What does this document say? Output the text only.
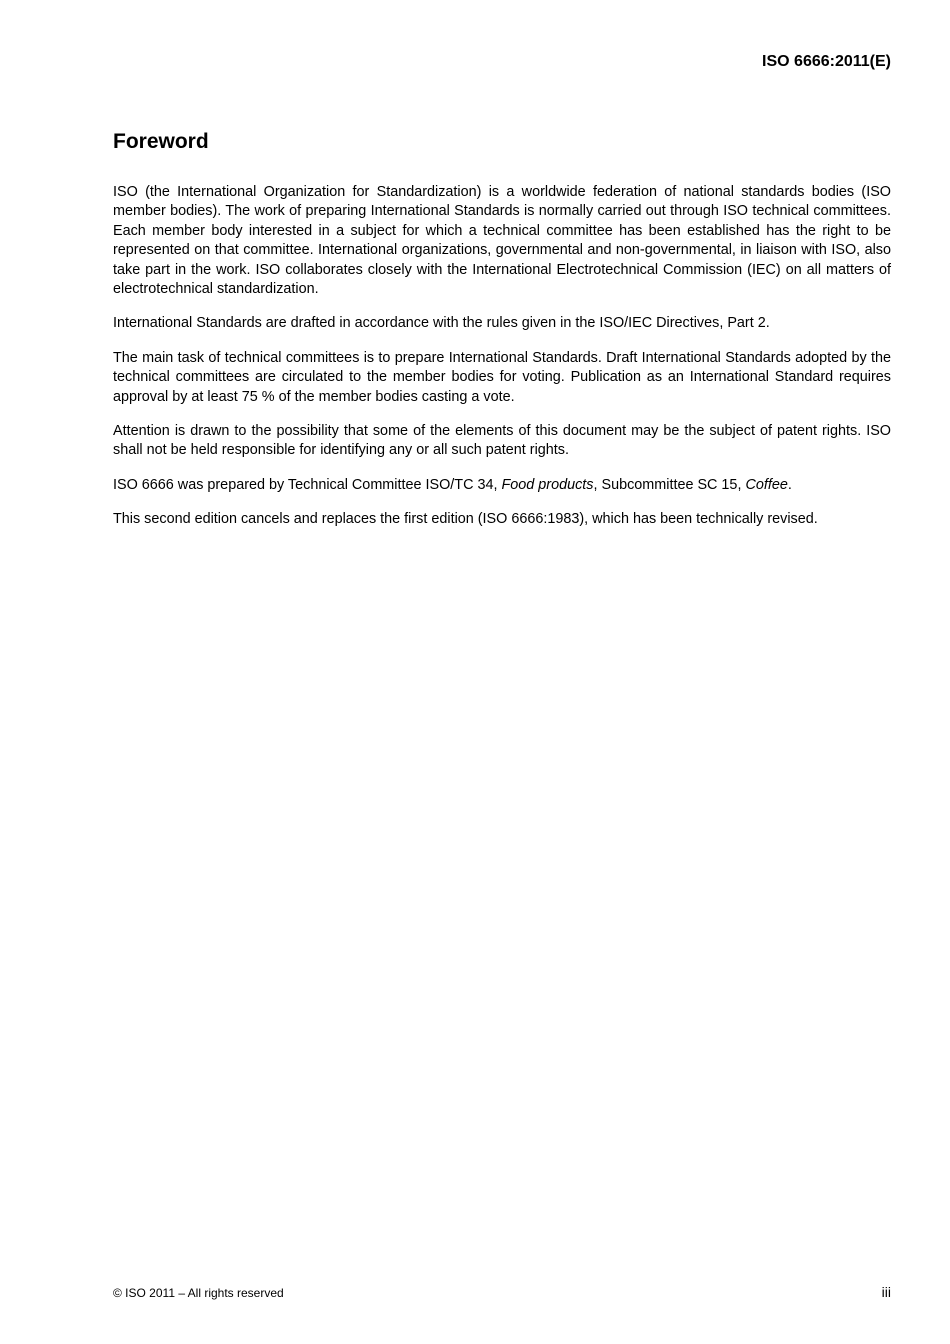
ISO 6666:2011(E)

Foreword

ISO (the International Organization for Standardization) is a worldwide federation of national standards bodies (ISO member bodies). The work of preparing International Standards is normally carried out through ISO technical committees. Each member body interested in a subject for which a technical committee has been established has the right to be represented on that committee. International organizations, governmental and non-governmental, in liaison with ISO, also take part in the work. ISO collaborates closely with the International Electrotechnical Commission (IEC) on all matters of electrotechnical standardization.

International Standards are drafted in accordance with the rules given in the ISO/IEC Directives, Part 2.

The main task of technical committees is to prepare International Standards. Draft International Standards adopted by the technical committees are circulated to the member bodies for voting. Publication as an International Standard requires approval by at least 75 % of the member bodies casting a vote.

Attention is drawn to the possibility that some of the elements of this document may be the subject of patent rights. ISO shall not be held responsible for identifying any or all such patent rights.

ISO 6666 was prepared by Technical Committee ISO/TC 34, Food products, Subcommittee SC 15, Coffee.

This second edition cancels and replaces the first edition (ISO 6666:1983), which has been technically revised.

© ISO 2011 – All rights reserved	iii
